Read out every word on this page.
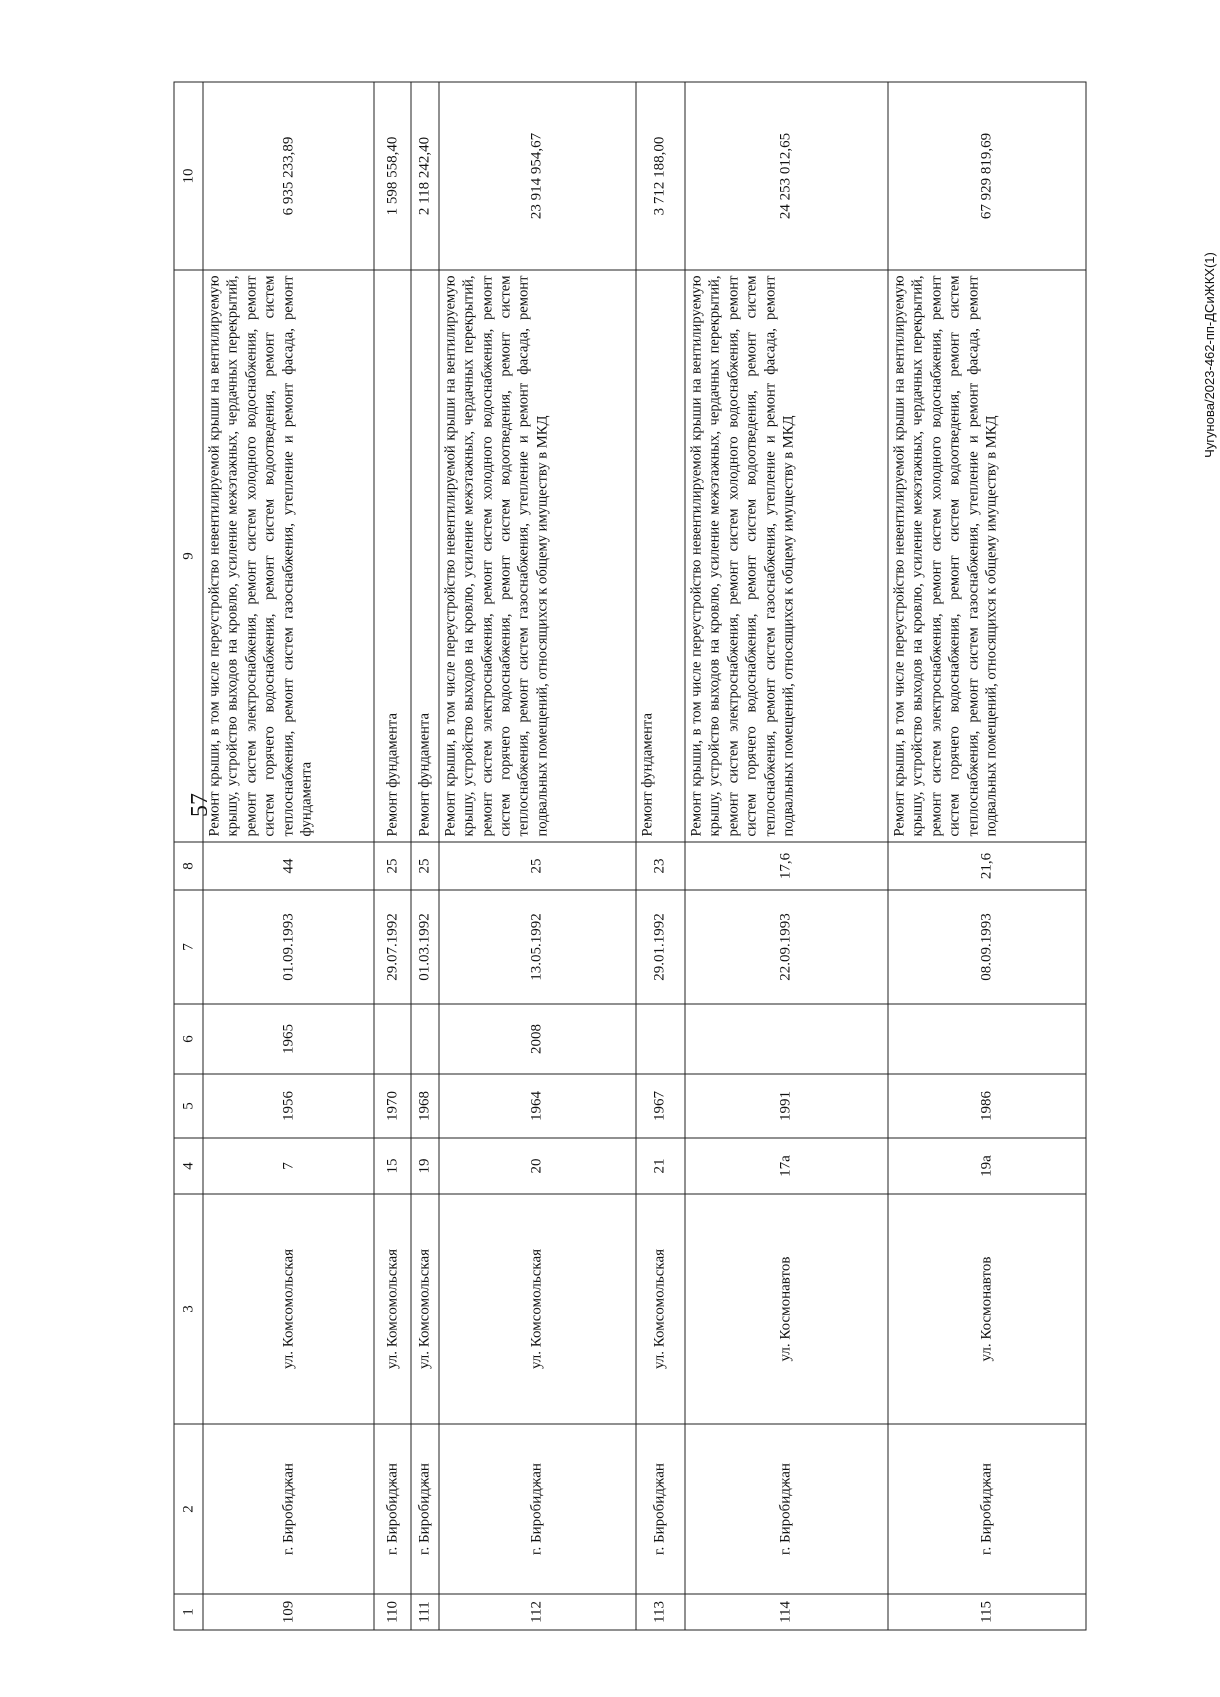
57
Чугунова/2023-462-пп-ДСиЖКХ(1)
1	2	3	4	5	6	7	8	9	10
109	г. Биробиджан	ул. Комсомольская	7	1956	1965	01.09.1993	44	Ремонт крыши, в том числе переустройство невентилируемой крыши на вентилируемую крышу, устройство выходов на кровлю, усиление межэтажных, чердачных перекрытий, ремонт систем электроснабжения, ремонт систем холодного водоснабжения, ремонт систем горячего водоснабжения, ремонт систем водоотведения, ремонт систем теплоснабжения, ремонт систем газоснабжения, утепление и ремонт фасада, ремонт фундамента	6 935 233,89
110	г. Биробиджан	ул. Комсомольская	15	1970		29.07.1992	25	Ремонт фундамента	1 598 558,40
111	г. Биробиджан	ул. Комсомольская	19	1968		01.03.1992	25	Ремонт фундамента	2 118 242,40
112	г. Биробиджан	ул. Комсомольская	20	1964	2008	13.05.1992	25	Ремонт крыши, в том числе переустройство невентилируемой крыши на вентилируемую крышу, устройство выходов на кровлю, усиление межэтажных, чердачных перекрытий, ремонт систем электроснабжения, ремонт систем холодного водоснабжения, ремонт систем горячего водоснабжения, ремонт систем водоотведения, ремонт систем теплоснабжения, ремонт систем газоснабжения, утепление и ремонт фасада, ремонт подвальных помещений, относящихся к общему имуществу в МКД	23 914 954,67
113	г. Биробиджан	ул. Комсомольская	21	1967		29.01.1992	23	Ремонт фундамента	3 712 188,00
114	г. Биробиджан	ул. Космонавтов	17а	1991		22.09.1993	17,6	Ремонт крыши, в том числе переустройство невентилируемой крыши на вентилируемую крышу, устройство выходов на кровлю, усиление межэтажных, чердачных перекрытий, ремонт систем электроснабжения, ремонт систем холодного водоснабжения, ремонт систем горячего водоснабжения, ремонт систем водоотведения, ремонт систем теплоснабжения, ремонт систем газоснабжения, утепление и ремонт фасада, ремонт подвальных помещений, относящихся к общему имуществу в МКД	24 253 012,65
115	г. Биробиджан	ул. Космонавтов	19а	1986		08.09.1993	21,6	Ремонт крыши, в том числе переустройство невентилируемой крыши на вентилируемую крышу, устройство выходов на кровлю, усиление межэтажных, чердачных перекрытий, ремонт систем электроснабжения, ремонт систем холодного водоснабжения, ремонт систем горячего водоснабжения, ремонт систем водоотведения, ремонт систем теплоснабжения, ремонт систем газоснабжения, утепление и ремонт фасада, ремонт подвальных помещений, относящихся к общему имуществу в МКД	67 929 819,69
